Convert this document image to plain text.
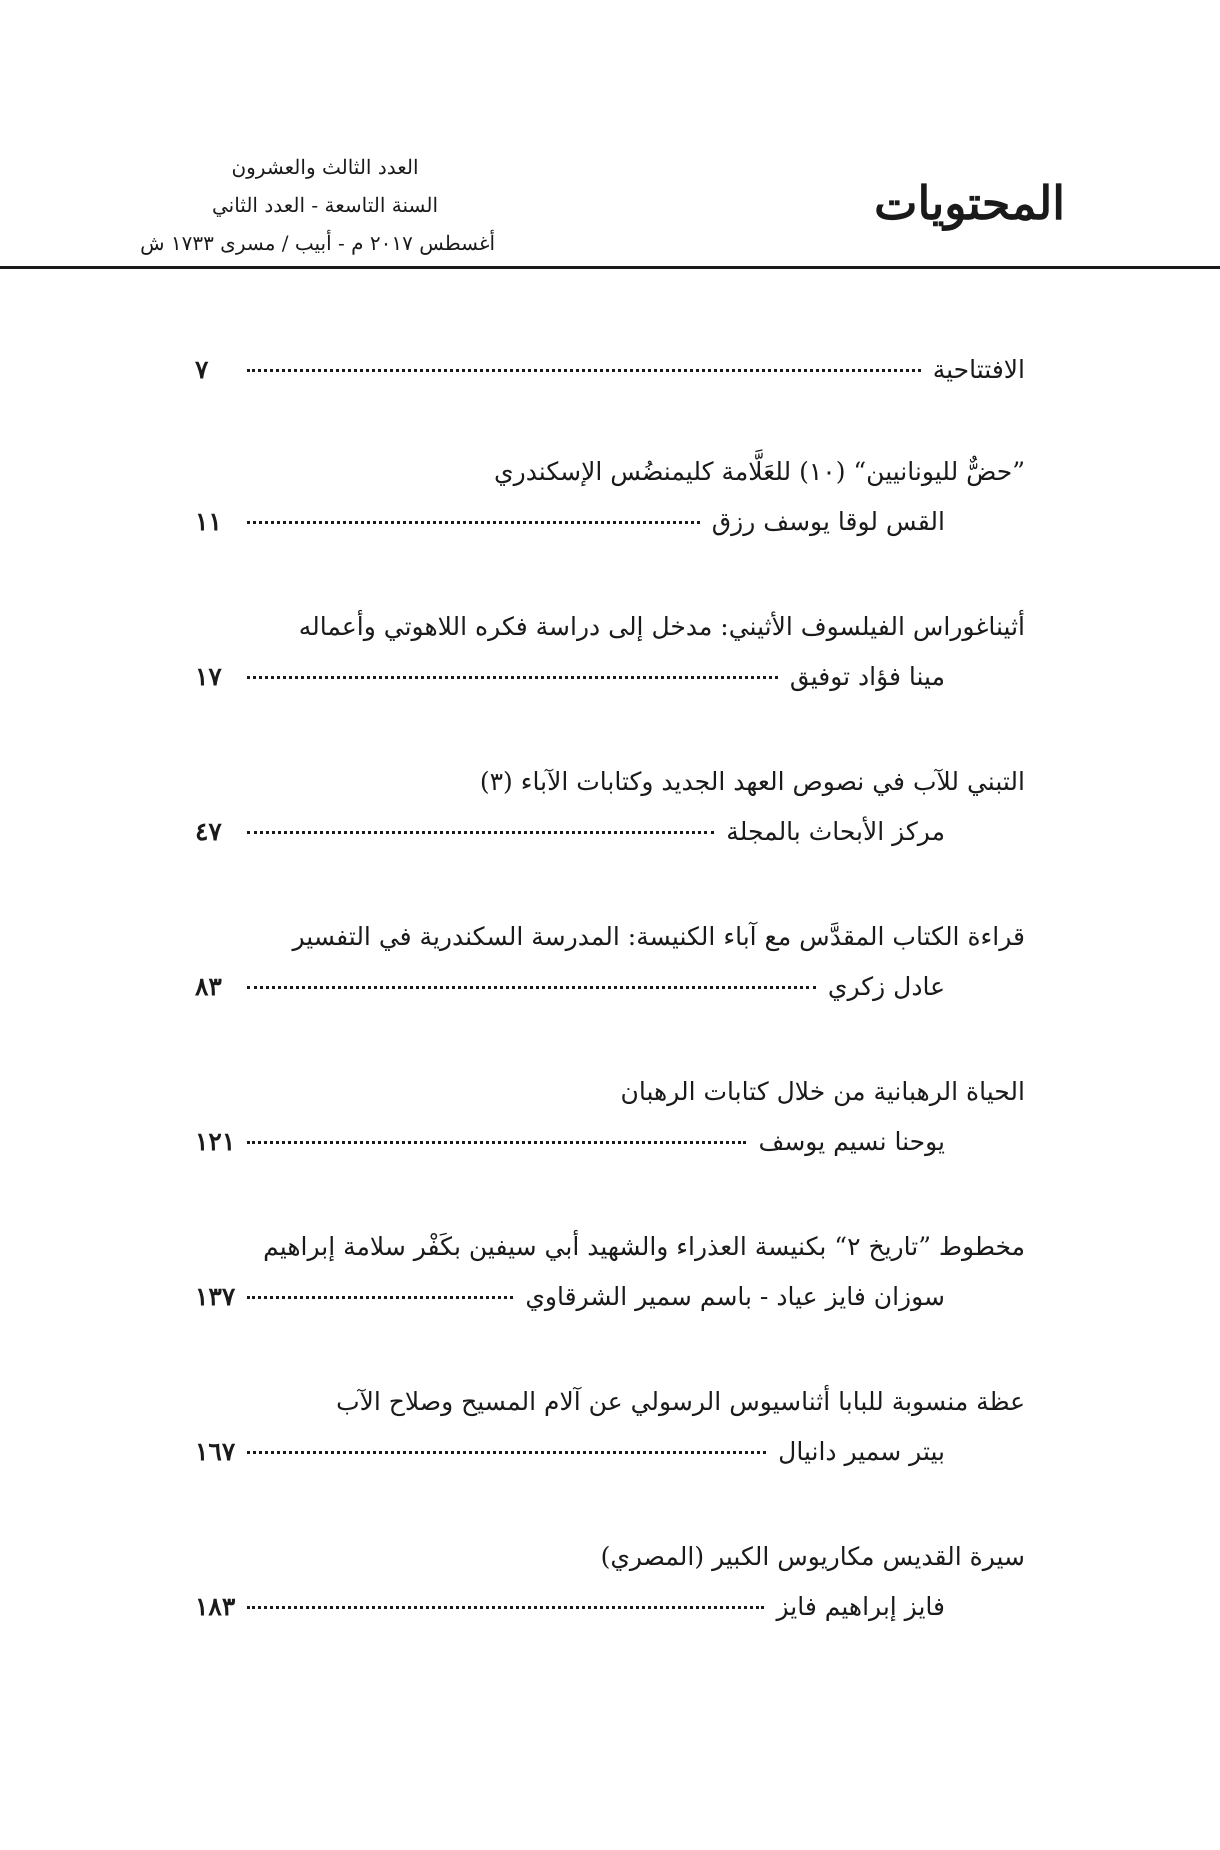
المحتويات
العدد الثالث والعشرون
السنة التاسعة - العدد الثاني
أغسطس ٢٠١٧ م - أبيب / مسرى ١٧٣٣ ش
الافتتاحية
٧
”حضٌّ لليونانيين“ (١٠) للعَلَّامة كليمنضُس الإسكندري
القس لوقا يوسف رزق
١١
أثيناغوراس الفيلسوف الأثيني: مدخل إلى دراسة فكره اللاهوتي وأعماله
مينا فؤاد توفيق
١٧
التبني للآب في نصوص العهد الجديد وكتابات الآباء (٣)
مركز الأبحاث بالمجلة
٤٧
قراءة الكتاب المقدَّس مع آباء الكنيسة: المدرسة السكندرية في التفسير
عادل زكري
٨٣
الحياة الرهبانية من خلال كتابات الرهبان
يوحنا نسيم يوسف
١٢١
مخطوط ”تاريخ ٢“ بكنيسة العذراء والشهيد أبي سيفين بكَفْر سلامة إبراهيم
سوزان فايز عياد - باسم سمير الشرقاوي
١٣٧
عظة منسوبة للبابا أثناسيوس الرسولي عن آلام المسيح وصلاح الآب
بيتر سمير دانيال
١٦٧
سيرة القديس مكاريوس الكبير (المصري)
فايز إبراهيم فايز
١٨٣
